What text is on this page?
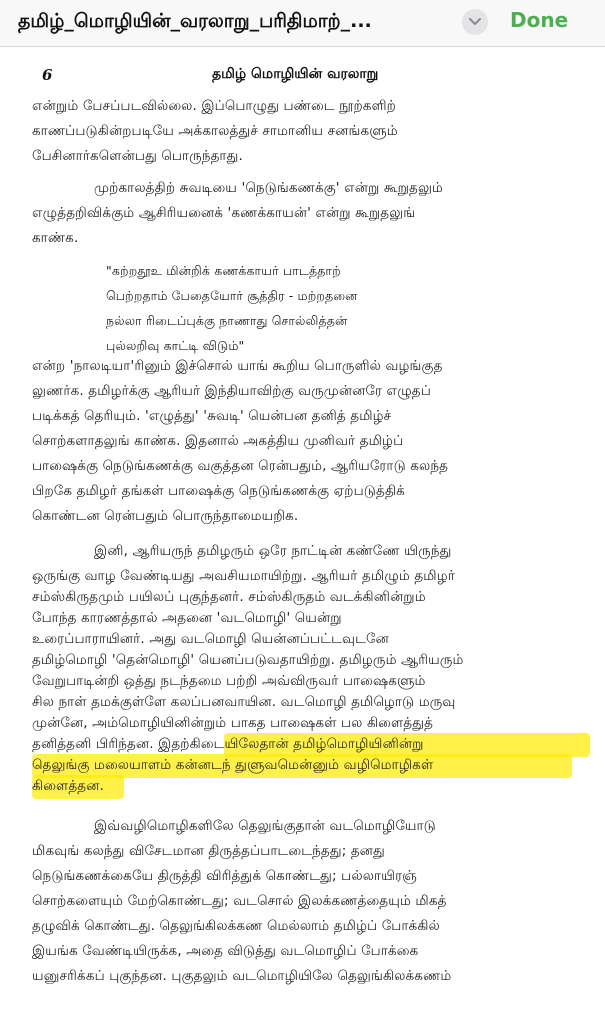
தமிழ்_மொழியின்_வரலாறு_பரிதிமாற்_...	Done
6	தமிழ் மொழியின் வரலாறு
என்றும் பேசப்படவில்லை. இப்பொழுது பண்டை நூற்களிற்
காணப்படுகின்றபடியே அக்காலத்துச் சாமானிய சனங்களும்
பேசினார்களென்பது பொருந்தாது.
முற்காலத்திற் சுவடியை 'நெடுங்கணக்கு' என்று கூறுதலும்
எழுத்தறிவிக்கும் ஆசிரியனைக் 'கணக்காயன்' என்று கூறுதலுங்
காண்க.
"கற்றதூஉ மின்றிக் கணக்காயர் பாடத்தாற்
பெற்றதாம் பேதையோர் சூத்திர - மற்றதனை
நல்லா ரிடைப்புக்கு நாணாது சொல்லித்தன்
புல்லறிவு காட்டி விடும்"
என்ற 'நாலடியா'ரினும் இச்சொல் யாங் கூறிய பொருளில் வழங்குத
லுணர்க. தமிழர்க்கு ஆரியர் இந்தியாவிற்கு வருமுன்னரே எழுதப்
படிக்கத் தெரியும். 'எழுத்து' 'சுவடி' யென்பன தனித் தமிழ்ச்
சொற்களாதலுங் காண்க. இதனால் அகத்திய முனிவர் தமிழ்ப்
பாஷைக்கு நெடுங்கணக்கு வகுத்தன ரென்பதும், ஆரியரோடு கலந்த
பிறகே தமிழர் தங்கள் பாஷைக்கு நெடுங்கணக்கு ஏற்படுத்திக்
கொண்டன ரென்பதும் பொருந்தாமையறிக.
இனி, ஆரியருந் தமிழரும் ஒரே நாட்டின் கண்ணே யிருந்து
ஒருங்கு வாழ வேண்டியது அவசியமாயிற்று. ஆரியர் தமிழும் தமிழர்
சம்ஸ்கிருதமும் பயிலப் புகுந்தனர். சம்ஸ்கிருதம் வடக்கினின்றும்
போந்த காரணத்தால் அதனை 'வடமொழி' யென்று
உரைப்பாராயினர். அது வடமொழி யென்னப்பட்டவுடனே
தமிழ்மொழி 'தென்மொழி' யெனப்படுவதாயிற்று. தமிழரும் ஆரியரும்
வேறுபாடின்றி ஒத்து நடந்தமை பற்றி அவ்விருவர் பாஷைகளும்
சில நாள் தமக்குள்ளே கலப்பனவாயின. வடமொழி தமிழொடு மருவு
முன்னே, அம்மொழியினின்றும் பாகத பாஷைகள் பல கிளைத்துத்
தனித்தனி பிரிந்தன. இதற்கிடையிலேதான் தமிழ்மொழியினின்று
தெலுங்கு மலையாளம் கன்னடந் துளுவமென்னும் வழிமொழிகள்
கிளைத்தன.
இவ்வழிமொழிகளிலே தெலுங்குதான் வடமொழியோடு
மிகவுங் கலந்து விசேடமான திருத்தப்பாடடைந்தது; தனது
நெடுங்கணக்கையே திருத்தி விரித்துக் கொண்டது; பல்லாயிரஞ்
சொற்களையும் மேற்கொண்டது; வடசொல் இலக்கணத்தையும் மிகத்
தழுவிக் கொண்டது. தெலுங்கிலக்கண மெல்லாம் தமிழ்ப் போக்கில்
இயங்க வேண்டியிருக்க, அதை விடுத்து வடமொழிப் போக்கை
யனுசரிக்கப் புகுந்தன. புகுதலும் வடமொழியிலே தெலுங்கிலக்கணம்
